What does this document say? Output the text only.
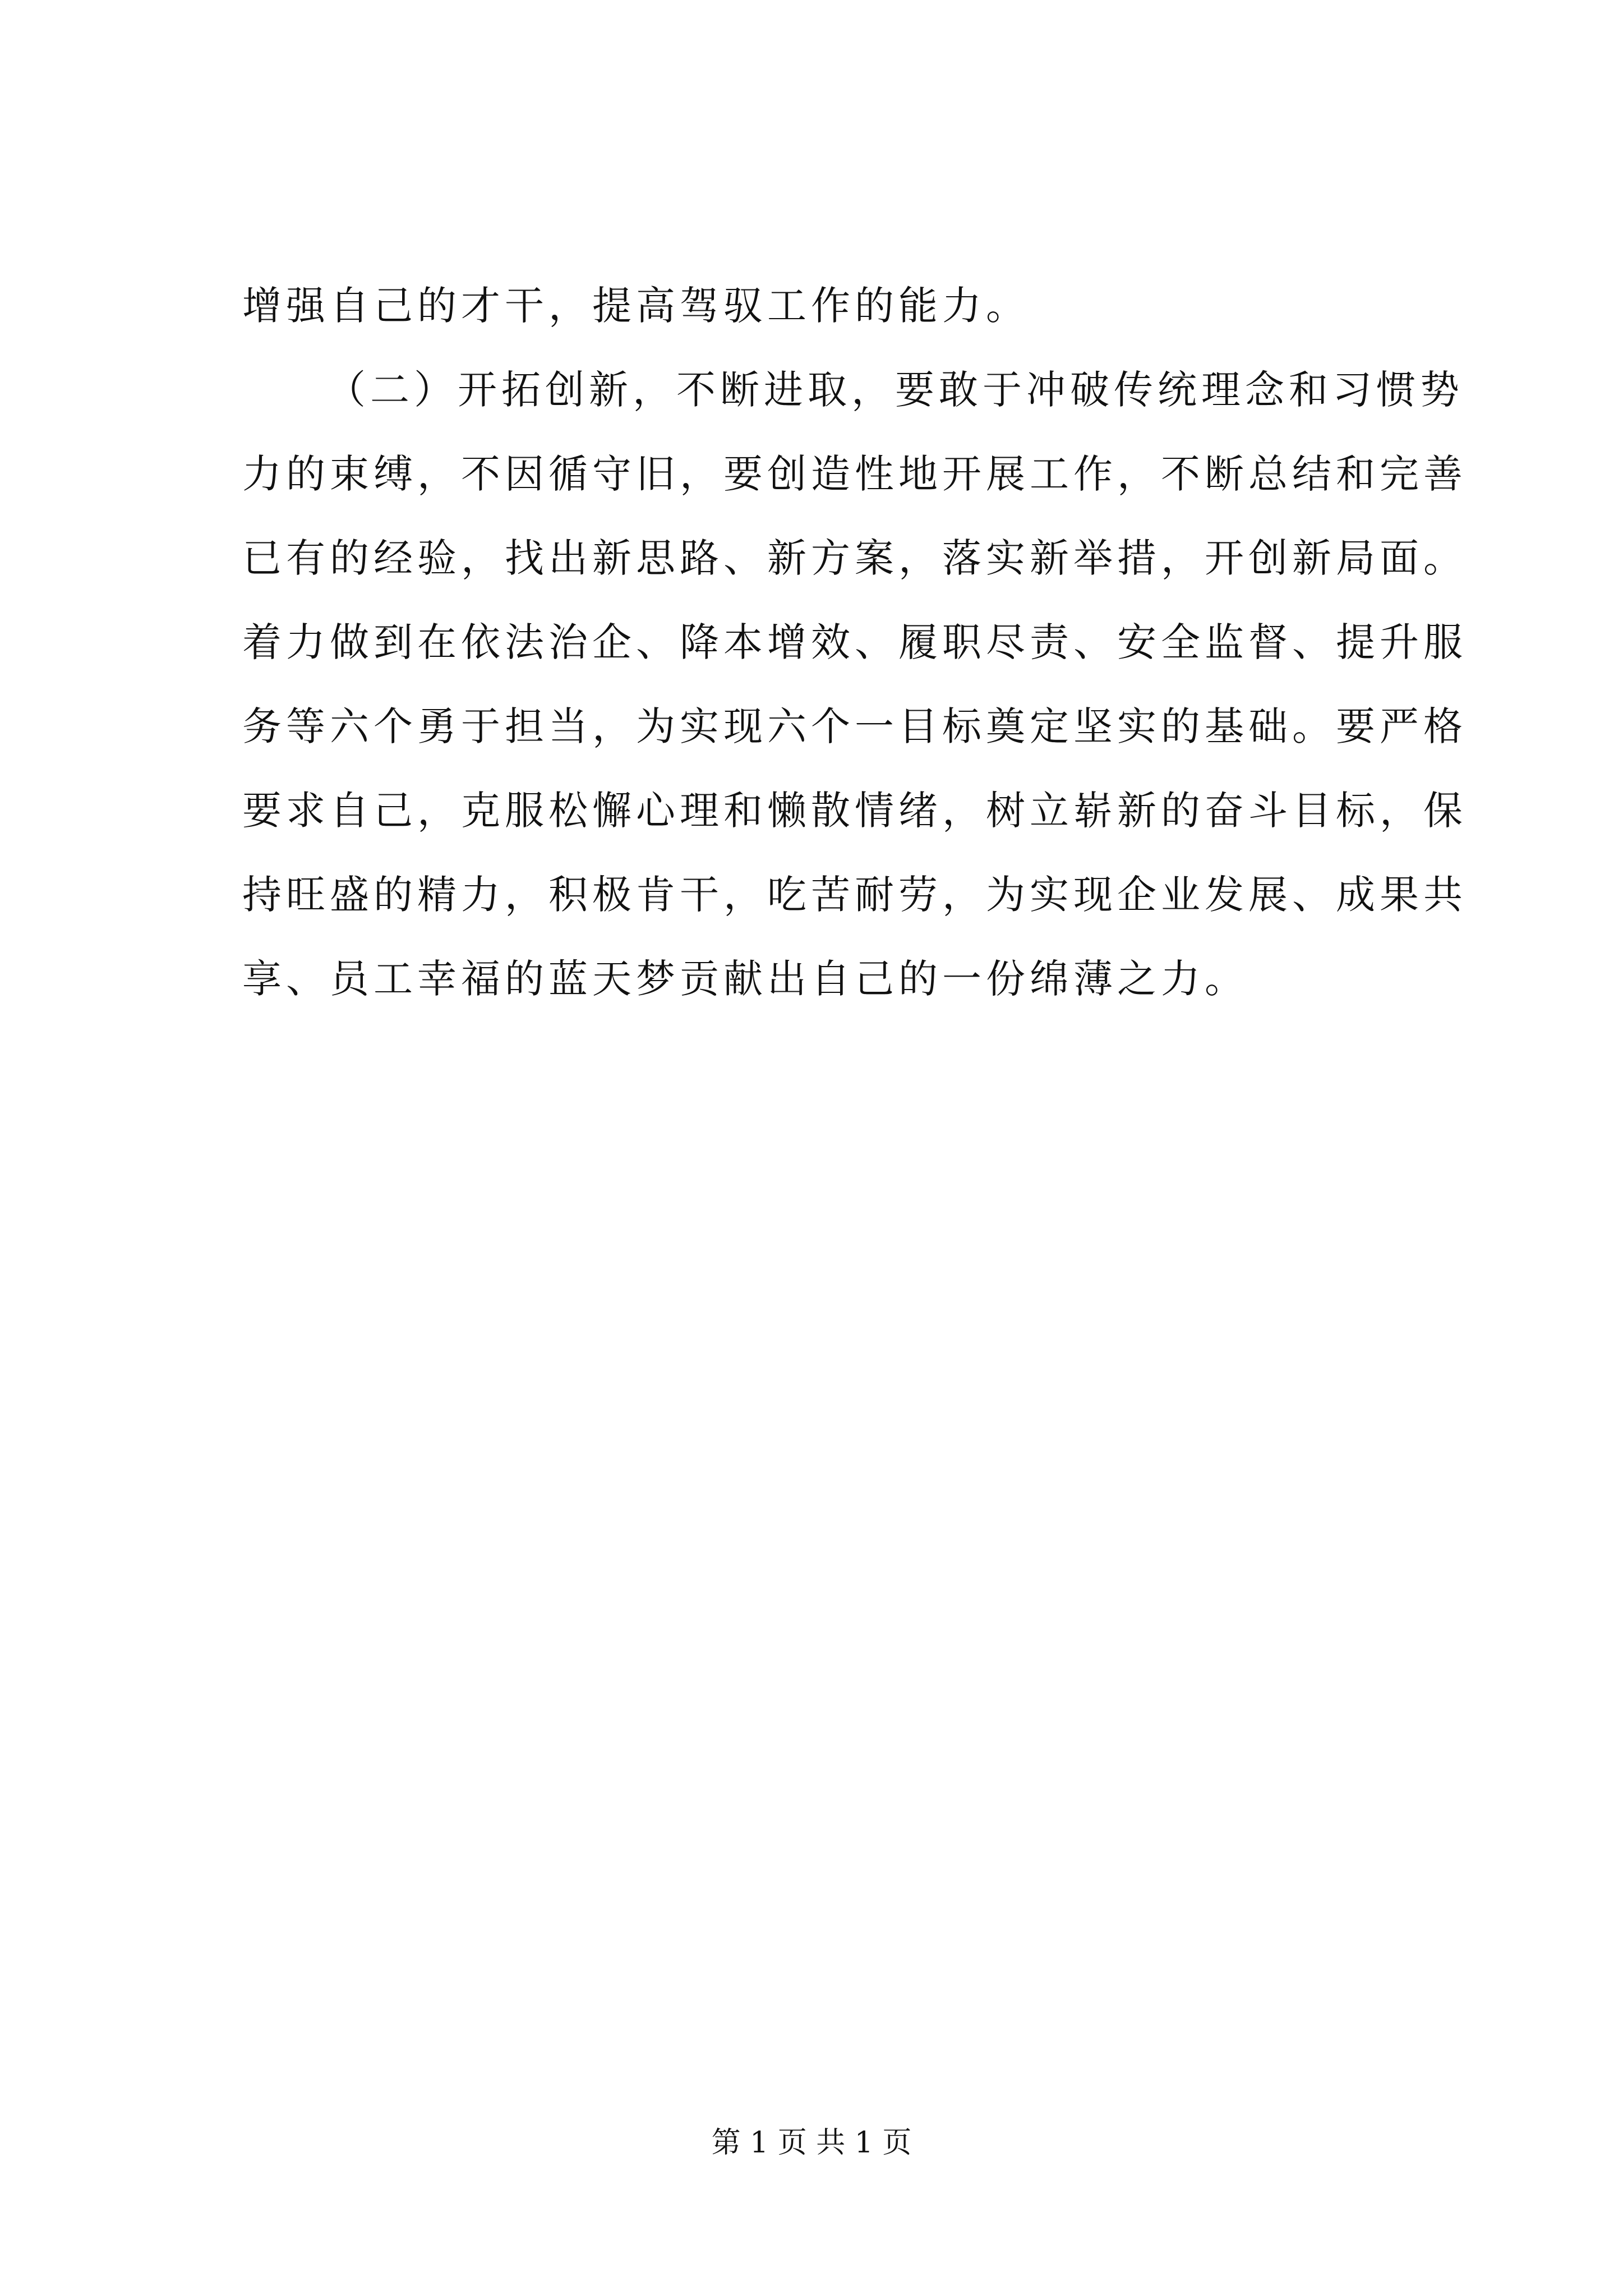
增强自己的才干，提高驾驭工作的能力。
（二）开拓创新，不断进取，要敢于冲破传统理念和习惯势
力的束缚，不因循守旧，要创造性地开展工作，不断总结和完善
已有的经验，找出新思路、新方案，落实新举措，开创新局面。
着力做到在依法治企、降本增效、履职尽责、安全监督、提升服
务等六个勇于担当，为实现六个一目标奠定坚实的基础。要严格
要求自己，克服松懈心理和懒散情绪，树立崭新的奋斗目标，保
持旺盛的精力，积极肯干，吃苦耐劳，为实现企业发展、成果共
享、员工幸福的蓝天梦贡献出自己的一份绵薄之力。
第 1 页 共 1 页
